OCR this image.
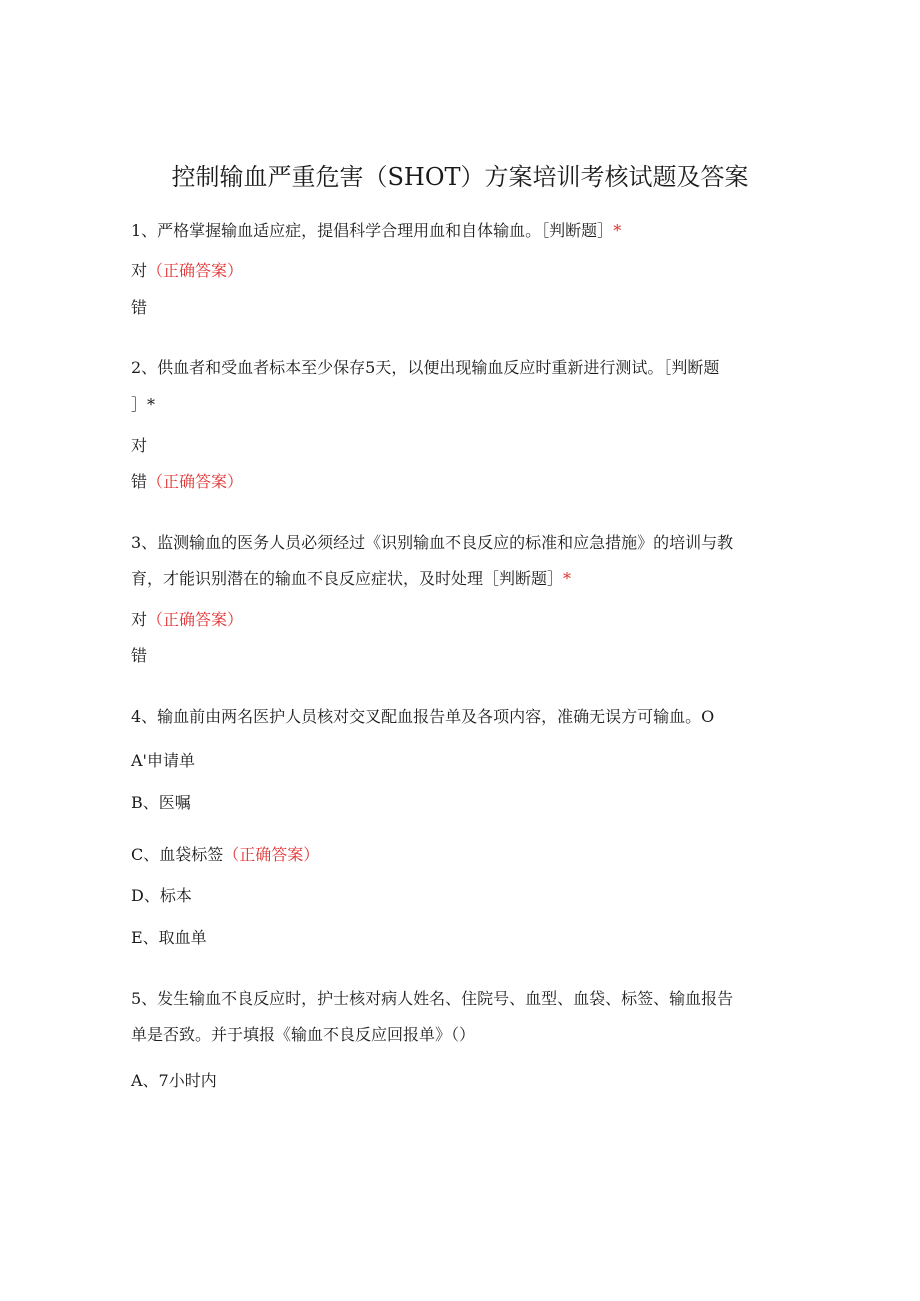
控制输血严重危害（SHOT）方案培训考核试题及答案
1、严格掌握输血适应症，提倡科学合理用血和自体输血。［判断题］*
对（正确答案）
错
2、供血者和受血者标本至少保存5天，以便出现输血反应时重新进行测试。［判断题
］*
对
错（正确答案）
3、监测输血的医务人员必须经过《识别输血不良反应的标准和应急措施》的培训与教
育，才能识别潜在的输血不良反应症状，及时处理［判断题］*
对（正确答案）
错
4、输血前由两名医护人员核对交叉配血报告单及各项内容，准确无误方可输血。O
A'申请单
B、医嘱
C、血袋标签（正确答案）
D、标本
E、取血单
5、发生输血不良反应时，护士核对病人姓名、住院号、血型、血袋、标签、输血报告
单是否致。并于填报《输血不良反应回报单》（）
A、7小时内
